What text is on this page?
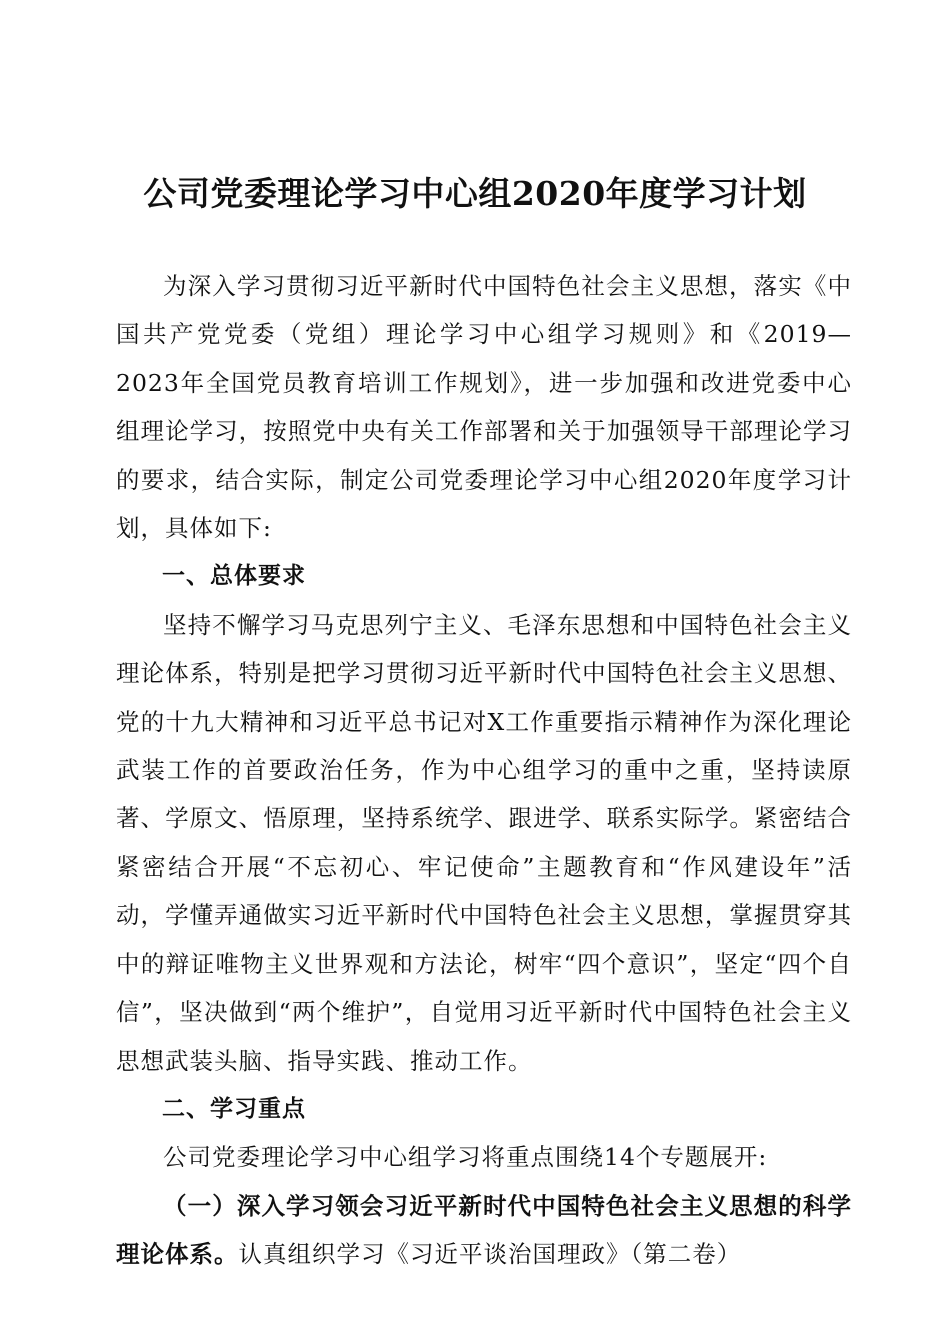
公司党委理论学习中心组2020年度学习计划

为深入学习贯彻习近平新时代中国特色社会主义思想，落实《中国共产党党委（党组）理论学习中心组学习规则》和《2019—2023年全国党员教育培训工作规划》，进一步加强和改进党委中心组理论学习，按照党中央有关工作部署和关于加强领导干部理论学习的要求，结合实际，制定公司党委理论学习中心组2020年度学习计划，具体如下:

一、总体要求

坚持不懈学习马克思列宁主义、毛泽东思想和中国特色社会主义理论体系，特别是把学习贯彻习近平新时代中国特色社会主义思想、党的十九大精神和习近平总书记对X工作重要指示精神作为深化理论武装工作的首要政治任务，作为中心组学习的重中之重，坚持读原著、学原文、悟原理，坚持系统学、跟进学、联系实际学。紧密结合紧密结合开展“不忘初心、牢记使命”主题教育和“作风建设年”活动，学懂弄通做实习近平新时代中国特色社会主义思想，掌握贯穿其中的辩证唯物主义世界观和方法论，树牢“四个意识”，坚定“四个自信”，坚决做到“两个维护”，自觉用习近平新时代中国特色社会主义思想武装头脑、指导实践、推动工作。

二、学习重点

公司党委理论学习中心组学习将重点围绕14个专题展开:

（一）深入学习领会习近平新时代中国特色社会主义思想的科学理论体系。认真组织学习《习近平谈治国理政》（第二卷）
